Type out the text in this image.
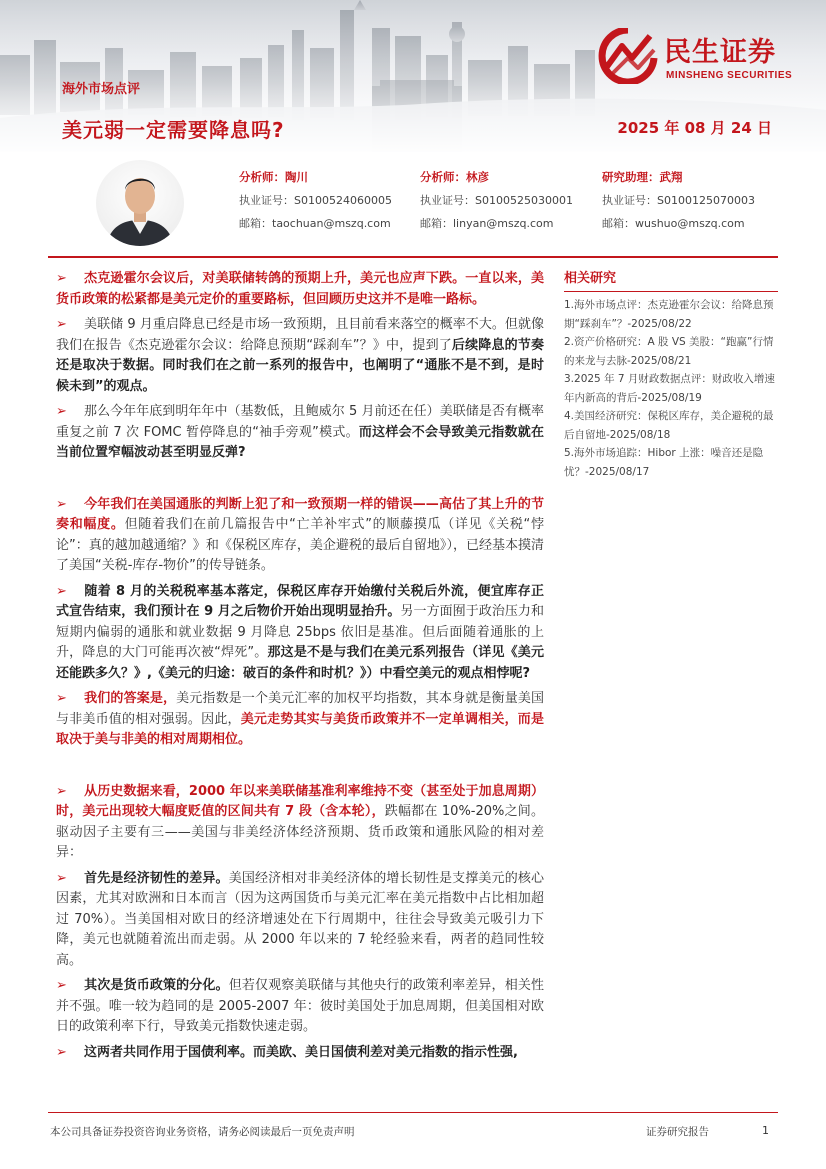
海外市场点评
美元弱一定需要降息吗?	2025 年 08 月 24 日
民生证券
MINSHENG SECURITIES
分析师：陶川
执业证号：S0100524060005
邮箱：taochuan@mszq.com
分析师：林彦
执业证号：S0100525030001
邮箱：linyan@mszq.com
研究助理：武翔
执业证号：S0100125070003
邮箱：wushuo@mszq.com

➢ 杰克逊霍尔会议后，对美联储转鸽的预期上升，美元也应声下跌。一直以来，美货币政策的松紧都是美元定价的重要路标，但回顾历史这并不是唯一路标。

➢ 美联储 9 月重启降息已经是市场一致预期，且目前看来落空的概率不大。但就像我们在报告《杰克逊霍尔会议：给降息预期“踩刹车”？》中，提到了后续降息的节奏还是取决于数据。同时我们在之前一系列的报告中，也阐明了“通胀不是不到，是时候未到”的观点。

➢ 那么今年年底到明年年中（基数低，且鲍威尔 5 月前还在任）美联储是否有概率重复之前 7 次 FOMC 暂停降息的“袖手旁观”模式。而这样会不会导致美元指数就在当前位置窄幅波动甚至明显反弹?

➢ 今年我们在美国通胀的判断上犯了和一致预期一样的错误——高估了其上升的节奏和幅度。但随着我们在前几篇报告中“亡羊补牢式”的顺藤摸瓜（详见《关税“悖论”：真的越加越通缩？》和《保税区库存，美企避税的最后自留地》），已经基本摸清了美国“关税-库存-物价”的传导链条。

➢ 随着 8 月的关税税率基本落定，保税区库存开始缴付关税后外流，便宜库存正式宣告结束，我们预计在 9 月之后物价开始出现明显抬升。另一方面囿于政治压力和短期内偏弱的通胀和就业数据 9 月降息 25bps 依旧是基准。但后面随着通胀的上升，降息的大门可能再次被“焊死”。那这是不是与我们在美元系列报告（详见《美元还能跌多久？》,《美元的归途：破百的条件和时机？》）中看空美元的观点相悖呢?

➢ 我们的答案是，美元指数是一个美元汇率的加权平均指数，其本身就是衡量美国与非美币值的相对强弱。因此，美元走势其实与美货币政策并不一定单调相关，而是取决于美与非美的相对周期相位。

➢ 从历史数据来看，2000 年以来美联储基准利率维持不变（甚至处于加息周期）时，美元出现较大幅度贬值的区间共有 7 段（含本轮），跌幅都在 10%-20%之间。驱动因子主要有三——美国与非美经济体经济预期、货币政策和通胀风险的相对差异：

➢ 首先是经济韧性的差异。美国经济相对非美经济体的增长韧性是支撑美元的核心因素，尤其对欧洲和日本而言（因为这两国货币与美元汇率在美元指数中占比相加超过 70%）。当美国相对欧日的经济增速处在下行周期中，往往会导致美元吸引力下降，美元也就随着流出而走弱。从 2000 年以来的 7 轮经验来看，两者的趋同性较高。

➢ 其次是货币政策的分化。但若仅观察美联储与其他央行的政策利率差异，相关性并不强。唯一较为趋同的是 2005-2007 年：彼时美国处于加息周期，但美国相对欧日的政策利率下行，导致美元指数快速走弱。

➢ 这两者共同作用于国债利率。而美欧、美日国债利差对美元指数的指示性强,

相关研究
1.海外市场点评：杰克逊霍尔会议：给降息预期“踩刹车”？-2025/08/22
2.资产价格研究：A 股 VS 美股：“跑赢”行情的来龙与去脉-2025/08/21
3.2025 年 7 月财政数据点评：财政收入增速年内新高的背后-2025/08/19
4.美国经济研究：保税区库存，美企避税的最后自留地-2025/08/18
5.海外市场追踪：Hibor 上涨：噪音还是隐忧？-2025/08/17
本公司具备证券投资咨询业务资格，请务必阅读最后一页免责声明	证券研究报告	1
